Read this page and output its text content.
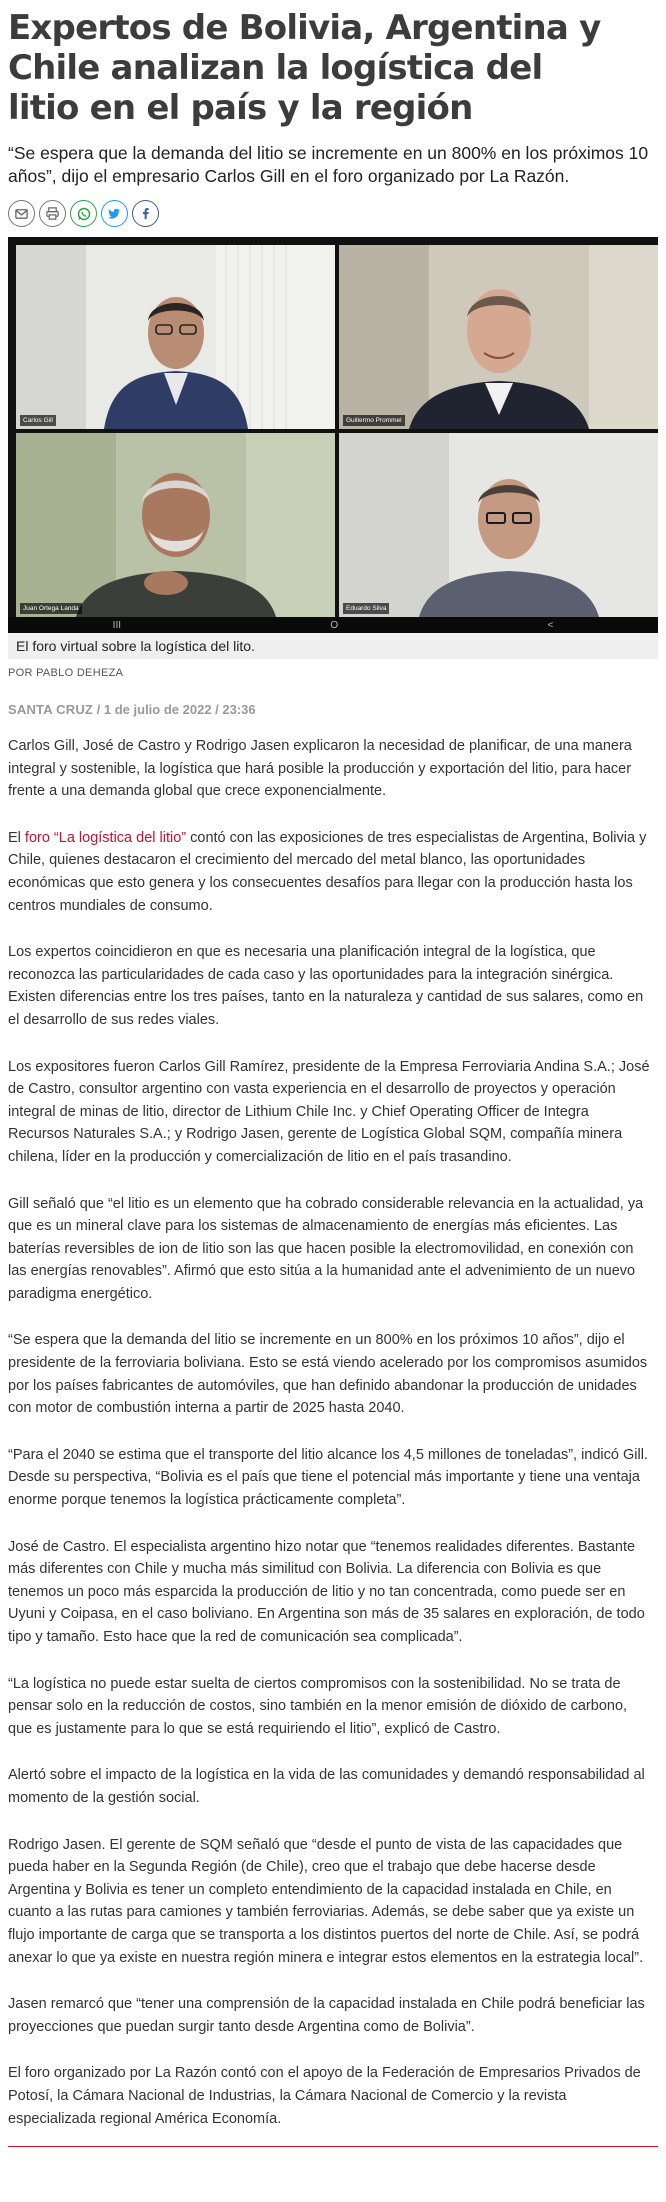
Expertos de Bolivia, Argentina y Chile analizan la logística del litio en el país y la región

“Se espera que la demanda del litio se incremente en un 800% en los próximos 10 años”, dijo el empresario Carlos Gill en el foro organizado por La Razón.

Carlos Gill	Guillermo Prommel
Juan Ortega Landa	Eduardo Silva
III	O	<
El foro virtual sobre la logística del lito.
POR PABLO DEHEZA
SANTA CRUZ / 1 de julio de 2022 / 23:36

Carlos Gill, José de Castro y Rodrigo Jasen explicaron la necesidad de planificar, de una manera integral y sostenible, la logística que hará posible la producción y exportación del litio, para hacer frente a una demanda global que crece exponencialmente.

El foro “La logística del litio” contó con las exposiciones de tres especialistas de Argentina, Bolivia y Chile, quienes destacaron el crecimiento del mercado del metal blanco, las oportunidades económicas que esto genera y los consecuentes desafíos para llegar con la producción hasta los centros mundiales de consumo.

Los expertos coincidieron en que es necesaria una planificación integral de la logística, que reconozca las particularidades de cada caso y las oportunidades para la integración sinérgica. Existen diferencias entre los tres países, tanto en la naturaleza y cantidad de sus salares, como en el desarrollo de sus redes viales.

Los expositores fueron Carlos Gill Ramírez, presidente de la Empresa Ferroviaria Andina S.A.; José de Castro, consultor argentino con vasta experiencia en el desarrollo de proyectos y operación integral de minas de litio, director de Lithium Chile Inc. y Chief Operating Officer de Integra Recursos Naturales S.A.; y Rodrigo Jasen, gerente de Logística Global SQM, compañía minera chilena, líder en la producción y comercialización de litio en el país trasandino.

Gill señaló que “el litio es un elemento que ha cobrado considerable relevancia en la actualidad, ya que es un mineral clave para los sistemas de almacenamiento de energías más eficientes. Las baterías reversibles de ion de litio son las que hacen posible la electromovilidad, en conexión con las energías renovables”. Afirmó que esto sitúa a la humanidad ante el advenimiento de un nuevo paradigma energético.

“Se espera que la demanda del litio se incremente en un 800% en los próximos 10 años”, dijo el presidente de la ferroviaria boliviana. Esto se está viendo acelerado por los compromisos asumidos por los países fabricantes de automóviles, que han definido abandonar la producción de unidades con motor de combustión interna a partir de 2025 hasta 2040.

“Para el 2040 se estima que el transporte del litio alcance los 4,5 millones de toneladas”, indicó Gill. Desde su perspectiva, “Bolivia es el país que tiene el potencial más importante y tiene una ventaja enorme porque tenemos la logística prácticamente completa”.

José de Castro. El especialista argentino hizo notar que “tenemos realidades diferentes. Bastante más diferentes con Chile y mucha más similitud con Bolivia. La diferencia con Bolivia es que tenemos un poco más esparcida la producción de litio y no tan concentrada, como puede ser en Uyuni y Coipasa, en el caso boliviano. En Argentina son más de 35 salares en exploración, de todo tipo y tamaño. Esto hace que la red de comunicación sea complicada”.

“La logística no puede estar suelta de ciertos compromisos con la sostenibilidad. No se trata de pensar solo en la reducción de costos, sino también en la menor emisión de dióxido de carbono, que es justamente para lo que se está requiriendo el litio”, explicó de Castro.

Alertó sobre el impacto de la logística en la vida de las comunidades y demandó responsabilidad al momento de la gestión social.

Rodrigo Jasen. El gerente de SQM señaló que “desde el punto de vista de las capacidades que pueda haber en la Segunda Región (de Chile), creo que el trabajo que debe hacerse desde Argentina y Bolivia es tener un completo entendimiento de la capacidad instalada en Chile, en cuanto a las rutas para camiones y también ferroviarias. Además, se debe saber que ya existe un flujo importante de carga que se transporta a los distintos puertos del norte de Chile. Así, se podrá anexar lo que ya existe en nuestra región minera e integrar estos elementos en la estrategia local”.

Jasen remarcó que “tener una comprensión de la capacidad instalada en Chile podrá beneficiar las proyecciones que puedan surgir tanto desde Argentina como de Bolivia”.

El foro organizado por La Razón contó con el apoyo de la Federación de Empresarios Privados de Potosí, la Cámara Nacional de Industrias, la Cámara Nacional de Comercio y la revista especializada regional América Economía.
